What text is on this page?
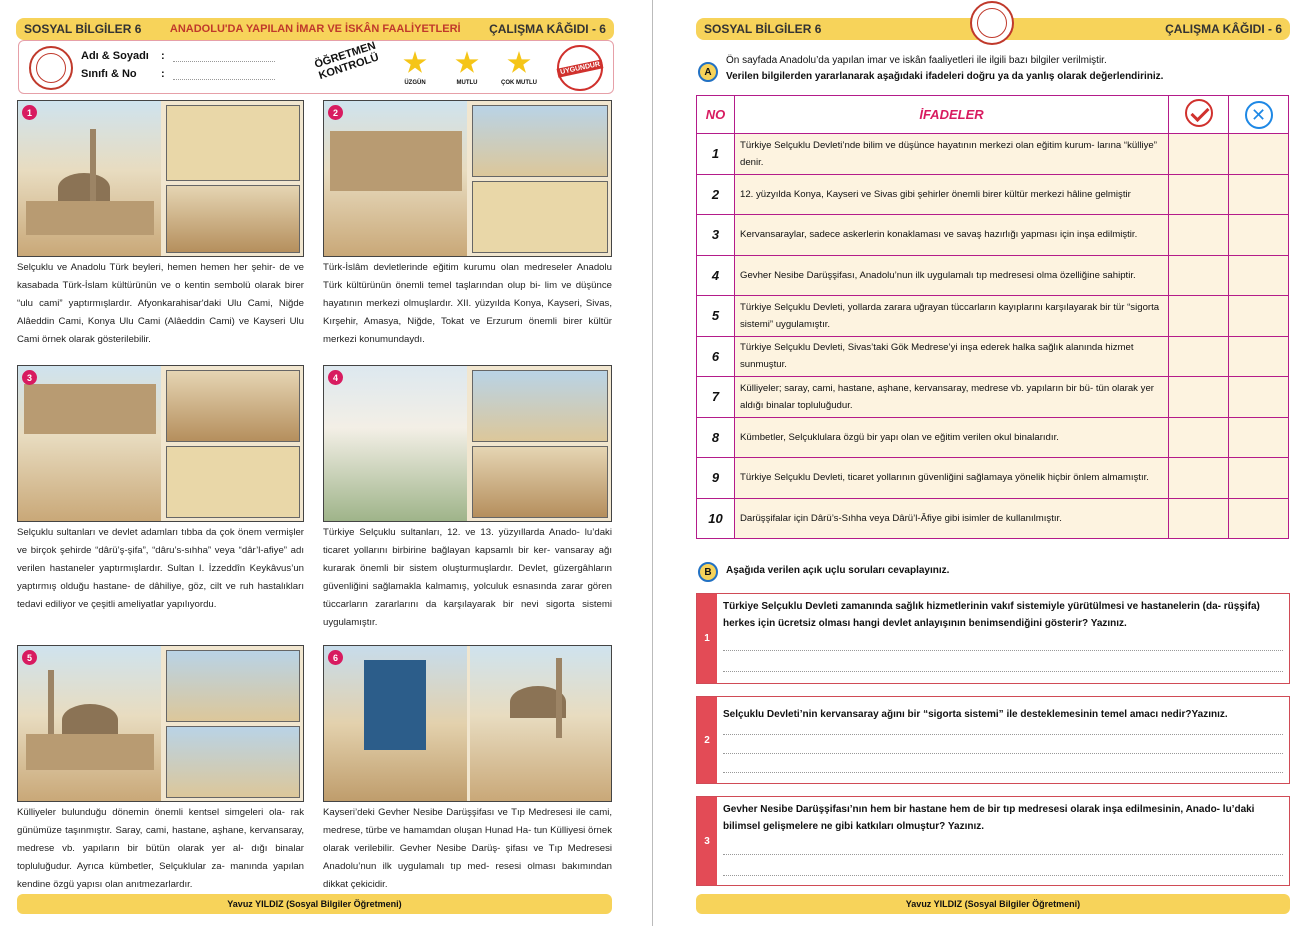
SOSYAL BİLGİLER 6	ANADOLU'DA YAPILAN İMAR VE İSKÂN FAALİYETLERİ ÇALIŞMA KÂĞIDI - 6
Adı & Soyadı :
Sınıfı & No :
ÖĞRETMEN KONTROLÜ
ÜZGÜN	MUTLU	ÇOK MUTLU
UYGUNDUR
1
Selçuklu ve Anadolu Türk beyleri, hemen hemen her şehir- de ve kasabada Türk-İslam kültürünün ve o kentin sembolü olarak birer “ulu cami” yaptırmışlardır. Afyonkarahisar'daki Ulu Cami, Niğde Alâeddin Cami, Konya Ulu Cami (Alâeddin Cami) ve Kayseri Ulu Cami örnek olarak gösterilebilir.
2
Türk-İslâm devletlerinde eğitim kurumu olan medreseler Anadolu Türk kültürünün önemli temel taşlarından olup bi- lim ve düşünce hayatının merkezi olmuşlardır. XII. yüzyılda Konya, Kayseri, Sivas, Kırşehir, Amasya, Niğde, Tokat ve Erzurum önemli birer kültür merkezi konumundaydı.
3
Selçuklu sultanları ve devlet adamları tıbba da çok önem vermişler ve birçok şehirde “dârü’ş-şifa”, “dâru’s-sıhha” veya “dâr’l-afiye” adı verilen hastaneler yaptırmışlardır. Sultan I. İzzeddîn Keykâvus’un yaptırmış olduğu hastane- de dâhiliye, göz, cilt ve ruh hastalıkları tedavi ediliyor ve çeşitli ameliyatlar yapılıyordu.
4
Türkiye Selçuklu sultanları, 12. ve 13. yüzyıllarda Anado- lu’daki ticaret yollarını birbirine bağlayan kapsamlı bir ker- vansaray ağı kurarak önemli bir sistem oluşturmuşlardır. Devlet, güzergâhların güvenliğini sağlamakla kalmamış, yolculuk esnasında zarar gören tüccarların zararlarını da karşılayarak bir nevi sigorta sistemi uygulamıştır.
5
Külliyeler bulunduğu dönemin önemli kentsel simgeleri ola- rak günümüze taşınmıştır. Saray, cami, hastane, aşhane, kervansaray, medrese vb. yapıların bir bütün olarak yer al- dığı binalar topluluğudur. Ayrıca kümbetler, Selçuklular za- manında yapılan kendine özgü yapısı olan anıtmezarlardır.
6
Kayseri’deki Gevher Nesibe Darüşşifası ve Tıp Medresesi ile cami, medrese, türbe ve hamamdan oluşan Hunad Ha- tun Külliyesi örnek olarak verilebilir. Gevher Nesibe Darüş- şifası ve Tıp Medresesi Anadolu’nun ilk uygulamalı tıp med- resesi olması bakımından dikkat çekicidir.
Yavuz YILDIZ (Sosyal Bilgiler Öğretmeni)
SOSYAL BİLGİLER 6	ÇALIŞMA KÂĞIDI - 6
A
Ön sayfada Anadolu’da yapılan imar ve iskân faaliyetleri ile ilgili bazı bilgiler verilmiştir.
Verilen bilgilerden yararlanarak aşağıdaki ifadeleri doğru ya da yanlış olarak değerlendiriniz.
NO	İFADELER		✕
1	Türkiye Selçuklu Devleti’nde bilim ve düşünce hayatının merkezi olan eğitim kurum- larına “külliye” denir.		
2	12. yüzyılda Konya, Kayseri ve Sivas gibi şehirler önemli birer kültür merkezi hâline gelmiştir		
3	Kervansaraylar, sadece askerlerin konaklaması ve savaş hazırlığı yapması için inşa edilmiştir.		
4	Gevher Nesibe Darüşşifası, Anadolu’nun ilk uygulamalı tıp medresesi olma özelliğine sahiptir.		
5	Türkiye Selçuklu Devleti, yollarda zarara uğrayan tüccarların kayıplarını karşılayarak bir tür “sigorta sistemi” uygulamıştır.		
6	Türkiye Selçuklu Devleti, Sivas’taki Gök Medrese’yi inşa ederek halka sağlık alanında hizmet sunmuştur.		
7	Külliyeler; saray, cami, hastane, aşhane, kervansaray, medrese vb. yapıların bir bü- tün olarak yer aldığı binalar topluluğudur.		
8	Kümbetler, Selçuklulara özgü bir yapı olan ve eğitim verilen okul binalarıdır.		
9	Türkiye Selçuklu Devleti, ticaret yollarının güvenliğini sağlamaya yönelik hiçbir önlem almamıştır.		
10	Darüşşifalar için Dârü’s-Sıhha veya Dârü’l-Âfiye gibi isimler de kullanılmıştır.		
B	Aşağıda verilen açık uçlu soruları cevaplayınız.
1
Türkiye Selçuklu Devleti zamanında sağlık hizmetlerinin vakıf sistemiyle yürütülmesi ve hastanelerin (da- rüşşifa) herkes için ücretsiz olması hangi devlet anlayışının benimsendiğini gösterir? Yazınız.
2
Selçuklu Devleti’nin kervansaray ağını bir “sigorta sistemi” ile desteklemesinin temel amacı nedir?Yazınız.
3
Gevher Nesibe Darüşşifası’nın hem bir hastane hem de bir tıp medresesi olarak inşa edilmesinin, Anado- lu’daki bilimsel gelişmelere ne gibi katkıları olmuştur? Yazınız.
Yavuz YILDIZ (Sosyal Bilgiler Öğretmeni)
